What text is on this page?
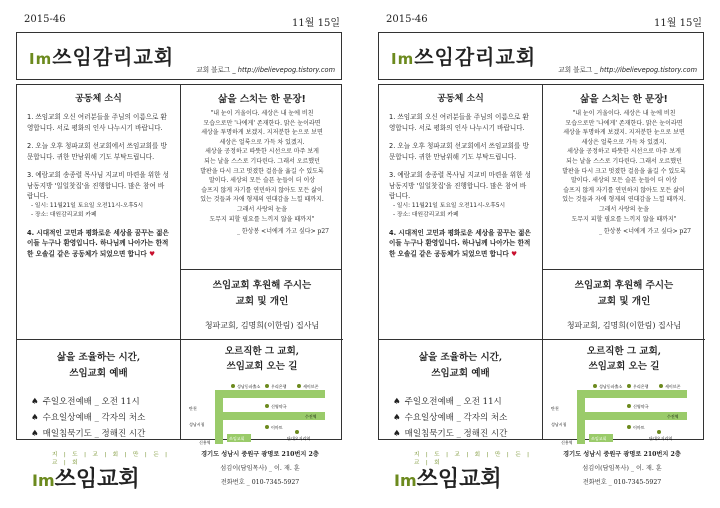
2015-46	11월 15일
Im쓰임감리교회
교회 블로그 _ http://ibelievepog.tistory.com
공동체 소식

1. 쓰임교회 오신 여러분들을 주님의 이름으로 환영합니다. 서로 평화의 인사 나누시기 바랍니다.

2. 오늘 오후 청파교회 선교회에서 쓰임교회를 방문합니다. 귀한 만남위해 기도 부탁드립니다.

3. 예람교회 송종렬 목사님 지교비 마련을 위한 성남동지방 '일일찻집'을 진행합니다. 많은 참여 바랍니다.

- 일시: 11월21일 토요일 오전11시-오후5시
- 장소: 대원감리교회 카페

4. 시대적인 고민과 평화로운 세상을 꿈꾸는 젊은이들 누구나 환영입니다. 하나님께 나아가는 한적한 오솔길 같은 공동체가 되었으면 합니다 ♥

삶을 스치는 한 문장!
"내 눈이 거울이다. 세상은 내 눈에 비친
모습으로만 '나에게' 존재한다. 맑은 눈이라면
세상을 투명하게 보겠지. 지저분한 눈으로 보면
세상은 얼룩으로 가득 차 있겠지.
세상을 공정하고 따뜻한 시선으로 마주 보게
되는 날을 스스로 기다린다. 그래서 오르했던
발판을 다시 크고 멋졌한 걸음을 옮길 수 있도록
말이다. 세상의 모든 슬픈 눈들이 더 이상
슬프지 않게 자기를 연민하지 않아도 모든 삶이
있는 것들과 자애 형제의 연대감을 느낄 때까지.
그래서 사랑의 눈을
도무지 피할 필요를 느끼지 않을 때까지"
_ 한상봉 <너에게 가고 싶다> p27
쓰임교회 후원해 주시는
교회 및 개인
청파교회, 김명희(이한림) 집사님
삶을 조율하는 시간,
쓰임교회 예배
♠ 주일오전예배 _ 오전 11시
♠ 수요일상예배 _ 각자의 처소
♠ 매일침묵기도 _ 정해진 시간
오르직한 그 교회,
쓰임교회 오는 길
성남동파출소	우리은행	세이브존
신영약국
이마트
탄천
성남시청
단대오거리역
신흥역
쓰임교회
수진역
지 | 도 | 교 | 회 | 만 | 든 | 교 | 회
Im쓰임교회
경기도 성남시 중원구 광명로 210번지 2층
섬김이(담임목사) _ 이. 재. 훈
전화번호 _ 010-7345-5927
2015-46	11월 15일
Im쓰임감리교회
교회 블로그 _ http://ibelievepog.tistory.com
공동체 소식

1. 쓰임교회 오신 여러분들을 주님의 이름으로 환영합니다. 서로 평화의 인사 나누시기 바랍니다.

2. 오늘 오후 청파교회 선교회에서 쓰임교회를 방문합니다. 귀한 만남위해 기도 부탁드립니다.

3. 예람교회 송종렬 목사님 지교비 마련을 위한 성남동지방 '일일찻집'을 진행합니다. 많은 참여 바랍니다.

- 일시: 11월21일 토요일 오전11시-오후5시
- 장소: 대원감리교회 카페

4. 시대적인 고민과 평화로운 세상을 꿈꾸는 젊은이들 누구나 환영입니다. 하나님께 나아가는 한적한 오솔길 같은 공동체가 되었으면 합니다 ♥

삶을 스치는 한 문장!
"내 눈이 거울이다. 세상은 내 눈에 비친
모습으로만 '나에게' 존재한다. 맑은 눈이라면
세상을 투명하게 보겠지. 지저분한 눈으로 보면
세상은 얼룩으로 가득 차 있겠지.
세상을 공정하고 따뜻한 시선으로 마주 보게
되는 날을 스스로 기다린다. 그래서 오르했던
발판을 다시 크고 멋졌한 걸음을 옮길 수 있도록
말이다. 세상의 모든 슬픈 눈들이 더 이상
슬프지 않게 자기를 연민하지 않아도 모든 삶이
있는 것들과 자애 형제의 연대감을 느낄 때까지.
그래서 사랑의 눈을
도무지 피할 필요를 느끼지 않을 때까지"
_ 한상봉 <너에게 가고 싶다> p27
쓰임교회 후원해 주시는
교회 및 개인
청파교회, 김명희(이한림) 집사님
삶을 조율하는 시간,
쓰임교회 예배
♠ 주일오전예배 _ 오전 11시
♠ 수요일상예배 _ 각자의 처소
♠ 매일침묵기도 _ 정해진 시간
오르직한 그 교회,
쓰임교회 오는 길
성남동파출소	우리은행	세이브존
신영약국
이마트
탄천
성남시청
단대오거리역
신흥역
쓰임교회
수진역
지 | 도 | 교 | 회 | 만 | 든 | 교 | 회
Im쓰임교회
경기도 성남시 중원구 광명로 210번지 2층
섬김이(담임목사) _ 이. 재. 훈
전화번호 _ 010-7345-5927
